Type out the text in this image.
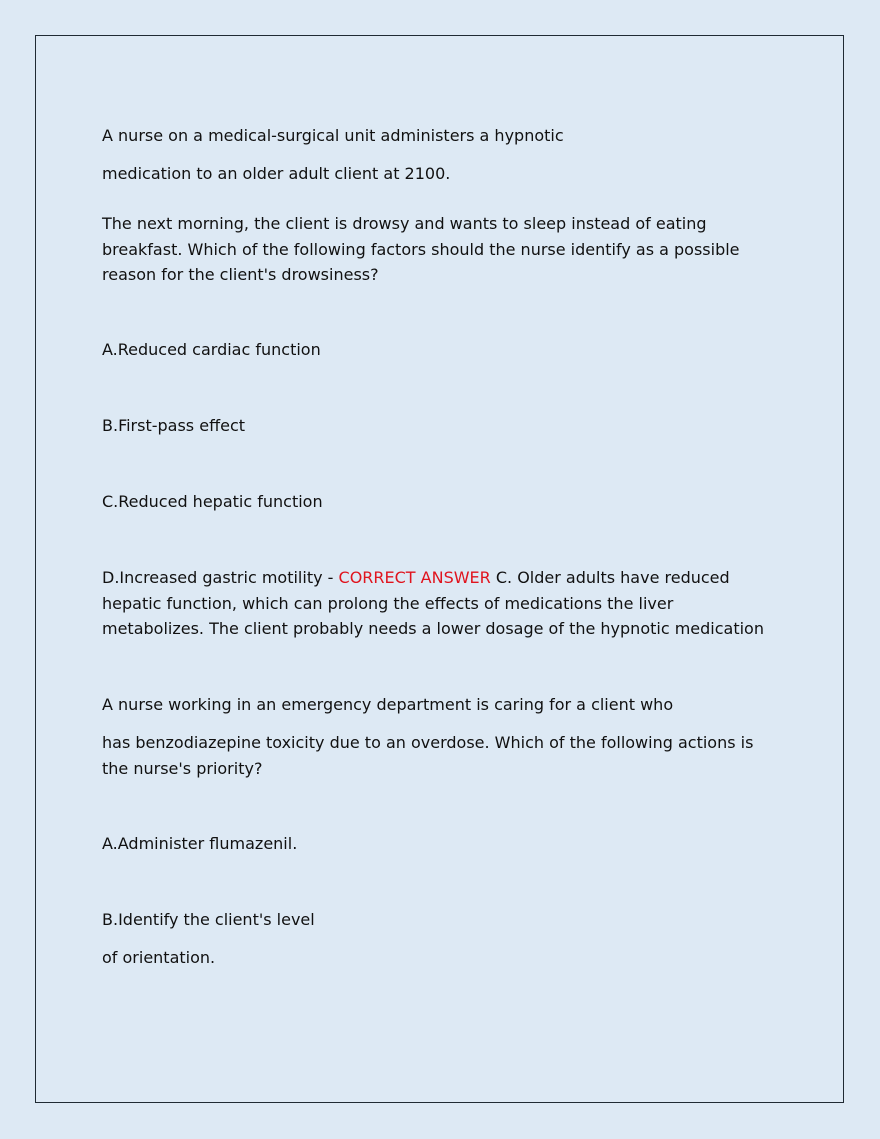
A nurse on a medical-surgical unit administers a hypnotic

medication to an older adult client at 2100.

The next morning, the client is drowsy and wants to sleep instead of eating breakfast. Which of the following factors should the nurse identify as a possible reason for the client's drowsiness?

A.Reduced cardiac function

B.First-pass effect

C.Reduced hepatic function

D.Increased gastric motility - CORRECT ANSWER C. Older adults have reduced hepatic function, which can prolong the effects of medications the liver metabolizes. The client probably needs a lower dosage of the hypnotic medication

A nurse working in an emergency department is caring for a client who

has benzodiazepine toxicity due to an overdose. Which of the following actions is the nurse's priority?

A.Administer flumazenil.

B.Identify the client's level

of orientation.
